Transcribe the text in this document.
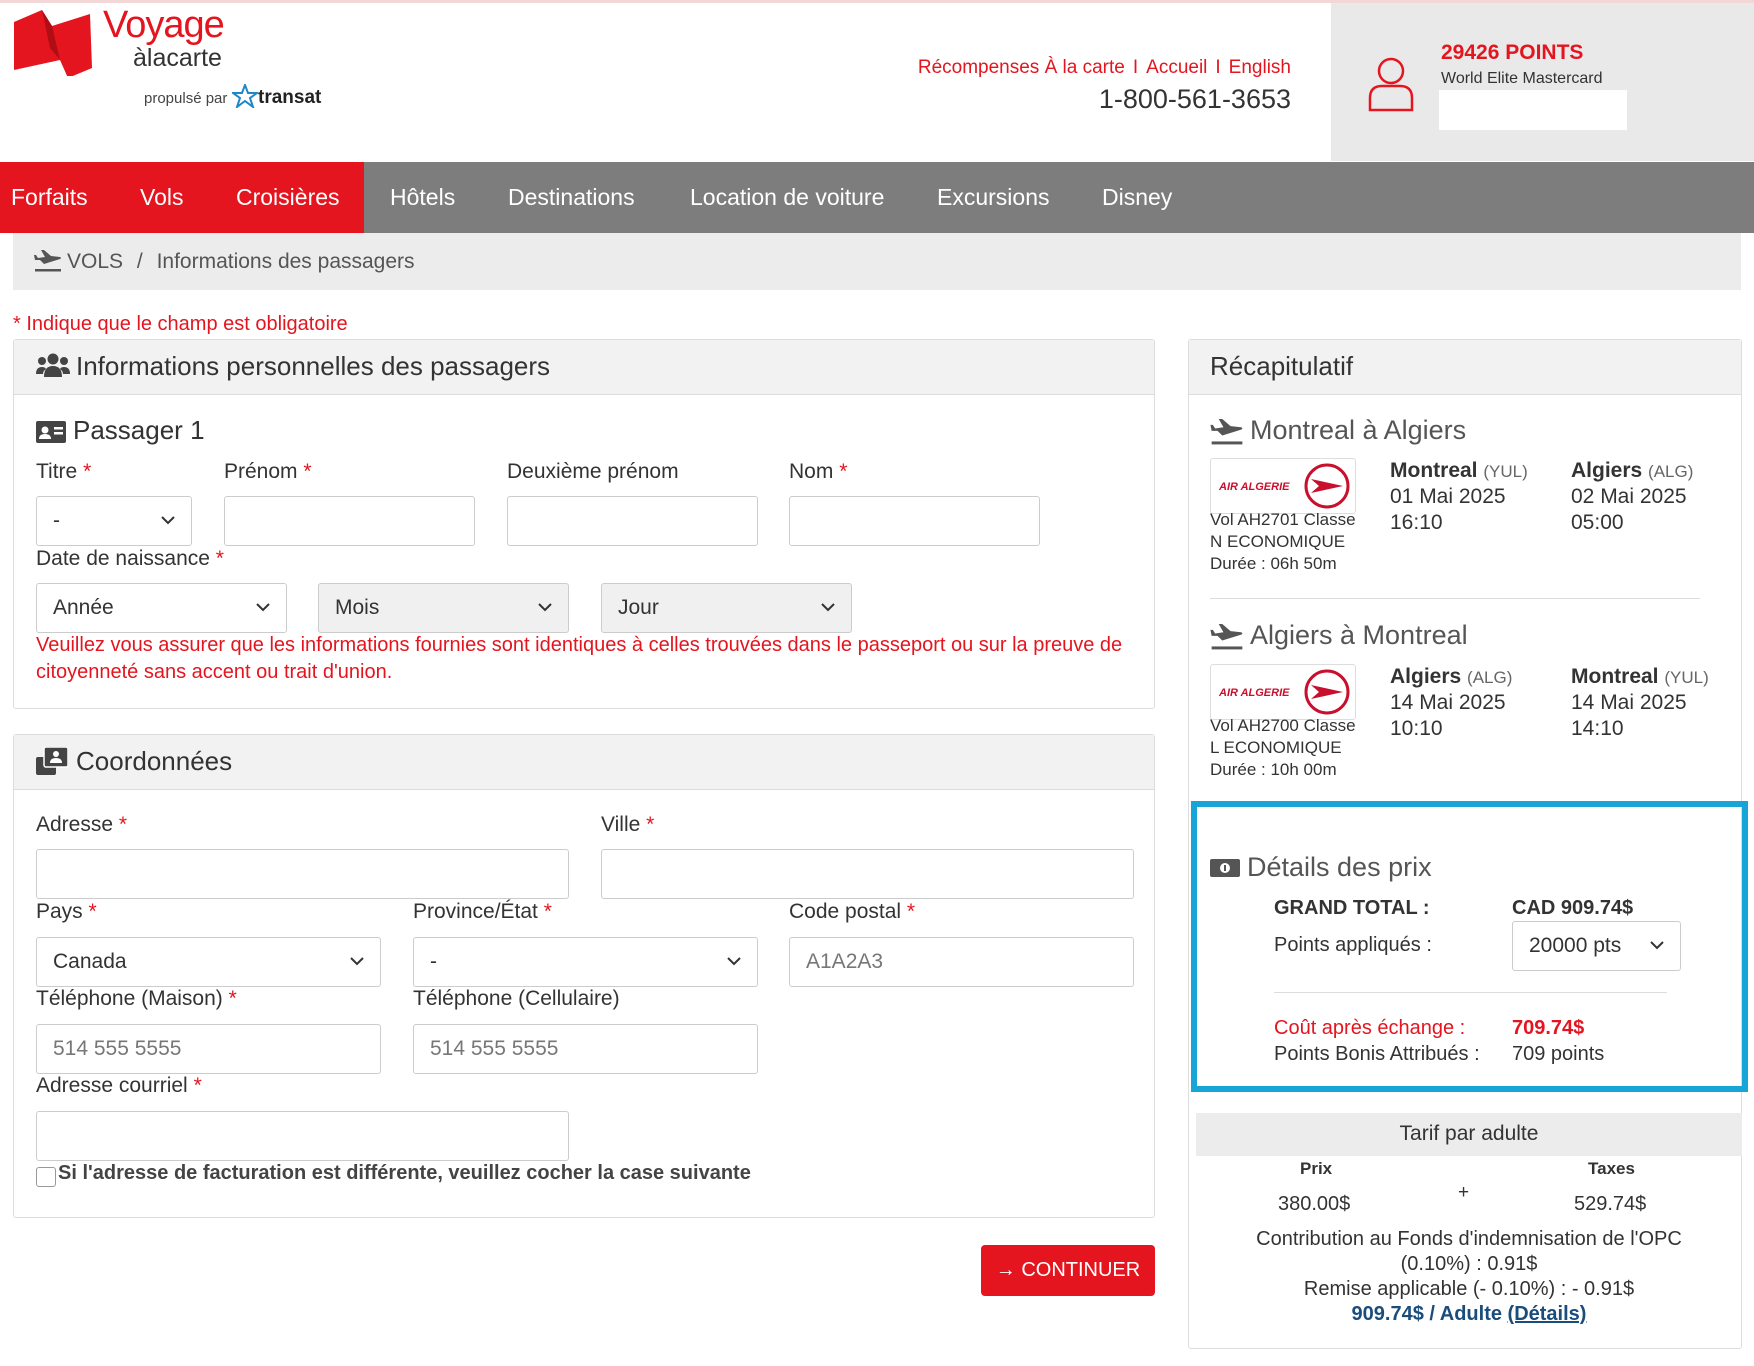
Voyage
àlacarte
propulsé par transat
Récompenses À la carte I Accueil I English
1-800-561-3653
29426 POINTS
World Elite Mastercard
Forfaits Vols Croisières Hôtels Destinations Location de voiture Excursions Disney
VOLS / Informations des passagers
* Indique que le champ est obligatoire
Informations personnelles des passagers
Passager 1
Titre *	Prénom *	Deuxième prénom	Nom *
-
Date de naissance *
Année	Mois	Jour
Veuillez vous assurer que les informations fournies sont identiques à celles trouvées dans le passeport ou sur la preuve de citoyenneté sans accent ou trait d'union.
Coordonnées
Adresse *	Ville *
Pays *	Province/État *	Code postal *
Canada	-	A1A2A3
Téléphone (Maison) *	Téléphone (Cellulaire)
514 555 5555	514 555 5555
Adresse courriel *
Si l'adresse de facturation est différente, veuillez cocher la case suivante
→ CONTINUER
Récapitulatif
Montreal à Algiers
AIR ALGERIE
Vol AH2701 Classe
N ECONOMIQUE
Durée : 06h 50m
Montreal (YUL)
01 Mai 2025
16:10
Algiers (ALG)
02 Mai 2025
05:00
Algiers à Montreal
AIR ALGERIE
Vol AH2700 Classe
L ECONOMIQUE
Durée : 10h 00m
Algiers (ALG)
14 Mai 2025
10:10
Montreal (YUL)
14 Mai 2025
14:10
Détails des prix
GRAND TOTAL :	CAD 909.74$
Points appliqués :	20000 pts
Coût après échange : 709.74$
Points Bonis Attribués : 709 points
Tarif par adulte
Prix	Taxes
+
380.00$	529.74$
Contribution au Fonds d'indemnisation de l'OPC
(0.10%) : 0.91$
Remise applicable (- 0.10%) : - 0.91$
909.74$ / Adulte (Détails)
